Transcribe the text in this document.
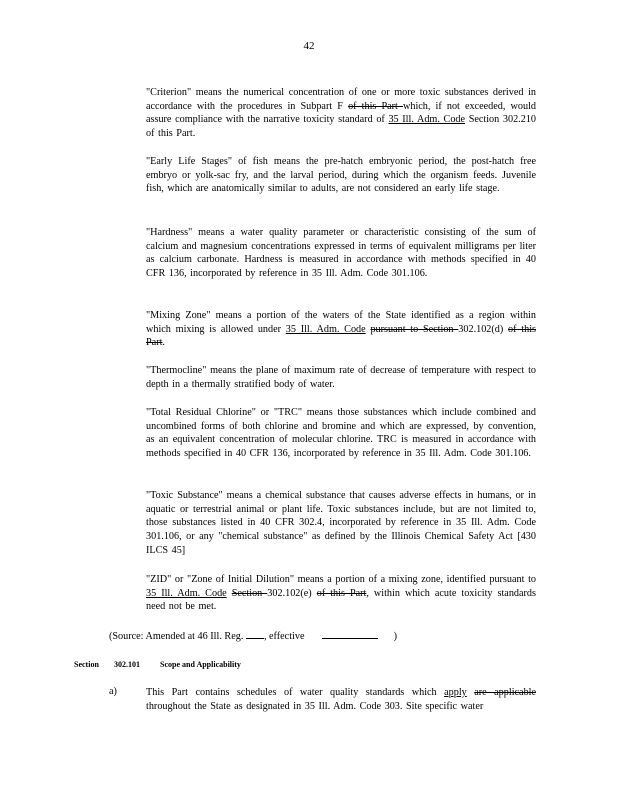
42
"Criterion" means the numerical concentration of one or more toxic substances derived in accordance with the procedures in Subpart F of this Part which, if not exceeded, would assure compliance with the narrative toxicity standard of 35 Ill. Adm. Code Section 302.210 of this Part.
"Early Life Stages" of fish means the pre-hatch embryonic period, the post-hatch free embryo or yolk-sac fry, and the larval period, during which the organism feeds. Juvenile fish, which are anatomically similar to adults, are not considered an early life stage.
"Hardness" means a water quality parameter or characteristic consisting of the sum of calcium and magnesium concentrations expressed in terms of equivalent milligrams per liter as calcium carbonate. Hardness is measured in accordance with methods specified in 40 CFR 136, incorporated by reference in 35 Ill. Adm. Code 301.106.
"Mixing Zone" means a portion of the waters of the State identified as a region within which mixing is allowed under 35 Ill. Adm. Code pursuant to Section 302.102(d) of this Part.
"Thermocline" means the plane of maximum rate of decrease of temperature with respect to depth in a thermally stratified body of water.
"Total Residual Chlorine" or "TRC" means those substances which include combined and uncombined forms of both chlorine and bromine and which are expressed, by convention, as an equivalent concentration of molecular chlorine. TRC is measured in accordance with methods specified in 40 CFR 136, incorporated by reference in 35 Ill. Adm. Code 301.106.
"Toxic Substance" means a chemical substance that causes adverse effects in humans, or in aquatic or terrestrial animal or plant life. Toxic substances include, but are not limited to, those substances listed in 40 CFR 302.4, incorporated by reference in 35 Ill. Adm. Code 301.106, or any "chemical substance" as defined by the Illinois Chemical Safety Act [430 ILCS 45]
"ZID" or "Zone of Initial Dilution" means a portion of a mixing zone, identified pursuant to 35 Ill. Adm. Code Section 302.102(e) of this Part, within which acute toxicity standards need not be met.
(Source: Amended at 46 Ill. Reg. , effective	)
Section 302.101	Scope and Applicability
a)	This Part contains schedules of water quality standards which apply are applicable throughout the State as designated in 35 Ill. Adm. Code 303. Site specific water
